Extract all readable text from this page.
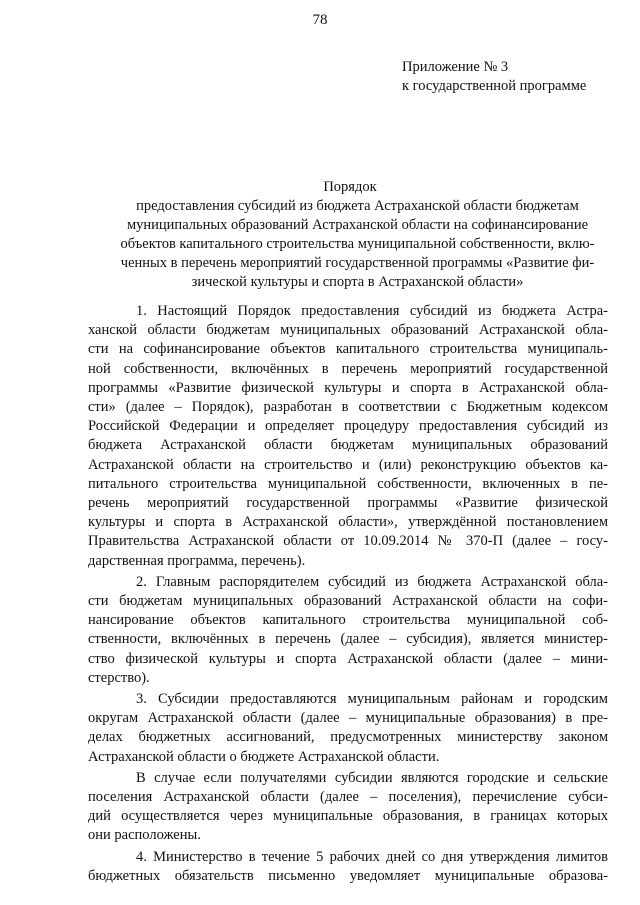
78
Приложение № 3
к государственной программе
Порядок
предоставления субсидий из бюджета Астраханской области бюджетам
муниципальных образований Астраханской области на софинансирование
объектов капитального строительства муниципальной собственности, вклю-
ченных в перечень мероприятий государственной программы «Развитие фи-
зической культуры и спорта в Астраханской области»
1. Настоящий Порядок предоставления субсидий из бюджета Астра-
ханской области бюджетам муниципальных образований Астраханской обла-
сти на софинансирование объектов капитального строительства муниципаль-
ной собственности, включённых в перечень мероприятий государственной
программы «Развитие физической культуры и спорта в Астраханской обла-
сти» (далее – Порядок), разработан в соответствии с Бюджетным кодексом
Российской Федерации и определяет процедуру предоставления субсидий из
бюджета Астраханской области бюджетам муниципальных образований
Астраханской области на строительство и (или) реконструкцию объектов ка-
питального строительства муниципальной собственности, включенных в пе-
речень мероприятий государственной программы «Развитие физической
культуры и спорта в Астраханской области», утверждённой постановлением
Правительства Астраханской области от 10.09.2014 № 370-П (далее – госу-
дарственная программа, перечень).
2. Главным распорядителем субсидий из бюджета Астраханской обла-
сти бюджетам муниципальных образований Астраханской области на софи-
нансирование объектов капитального строительства муниципальной соб-
ственности, включённых в перечень (далее – субсидия), является министер-
ство физической культуры и спорта Астраханской области (далее – мини-
стерство).
3. Субсидии предоставляются муниципальным районам и городским
округам Астраханской области (далее – муниципальные образования) в пре-
делах бюджетных ассигнований, предусмотренных министерству законом
Астраханской области о бюджете Астраханской области.
В случае если получателями субсидии являются городские и сельские
поселения Астраханской области (далее – поселения), перечисление субси-
дий осуществляется через муниципальные образования, в границах которых
они расположены.
4. Министерство в течение 5 рабочих дней со дня утверждения лимитов
бюджетных обязательств письменно уведомляет муниципальные образова-
